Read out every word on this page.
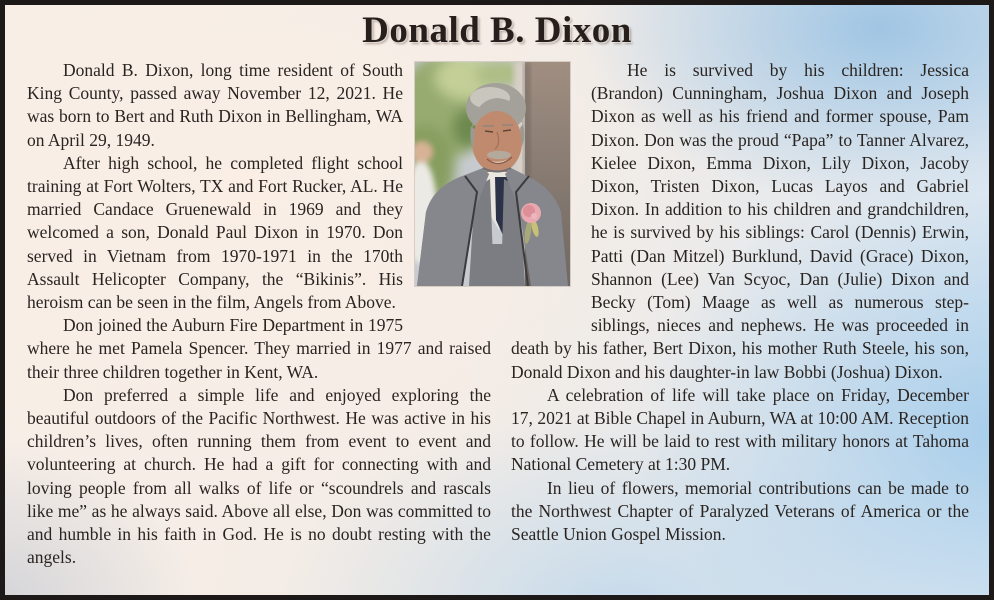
Donald B. Dixon

Donald B. Dixon, long time resident of South King County, passed away November 12, 2021. He was born to Bert and Ruth Dixon in Bellingham, WA on April 29, 1949.

After high school, he completed flight school training at Fort Wolters, TX and Fort Rucker, AL. He married Candace Gruenewald in 1969 and they welcomed a son, Donald Paul Dixon in 1970. Don served in Vietnam from 1970-1971 in the 170th Assault Helicopter Company, the “Bikinis”. His heroism can be seen in the film, Angels from Above.

Don joined the Auburn Fire Department in 1975 where he met Pamela Spencer. They married in 1977 and raised their three children together in Kent, WA.

Don preferred a simple life and enjoyed exploring the beautiful outdoors of the Pacific Northwest. He was active in his children’s lives, often running them from event to event and volunteering at church. He had a gift for connecting with and loving people from all walks of life or “scoundrels and rascals like me” as he always said. Above all else, Don was committed to and humble in his faith in God. He is no doubt resting with the angels.

He is survived by his children: Jessica (Brandon) Cunningham, Joshua Dixon and Joseph Dixon as well as his friend and former spouse, Pam Dixon. Don was the proud “Papa” to Tanner Alvarez, Kielee Dixon, Emma Dixon, Lily Dixon, Jacoby Dixon, Tristen Dixon, Lucas Layos and Gabriel Dixon. In addition to his children and grandchildren, he is survived by his siblings: Carol (Dennis) Erwin, Patti (Dan Mitzel) Burklund, David (Grace) Dixon, Shannon (Lee) Van Scyoc, Dan (Julie) Dixon and Becky (Tom) Maage as well as numerous step-siblings, nieces and nephews. He was proceeded in death by his father, Bert Dixon, his mother Ruth Steele, his son, Donald Dixon and his daughter-in law Bobbi (Joshua) Dixon.

A celebration of life will take place on Friday, December 17, 2021 at Bible Chapel in Auburn, WA at 10:00 AM. Reception to follow. He will be laid to rest with military honors at Tahoma National Cemetery at 1:30 PM.

In lieu of flowers, memorial contributions can be made to the Northwest Chapter of Paralyzed Veterans of America or the Seattle Union Gospel Mission.
